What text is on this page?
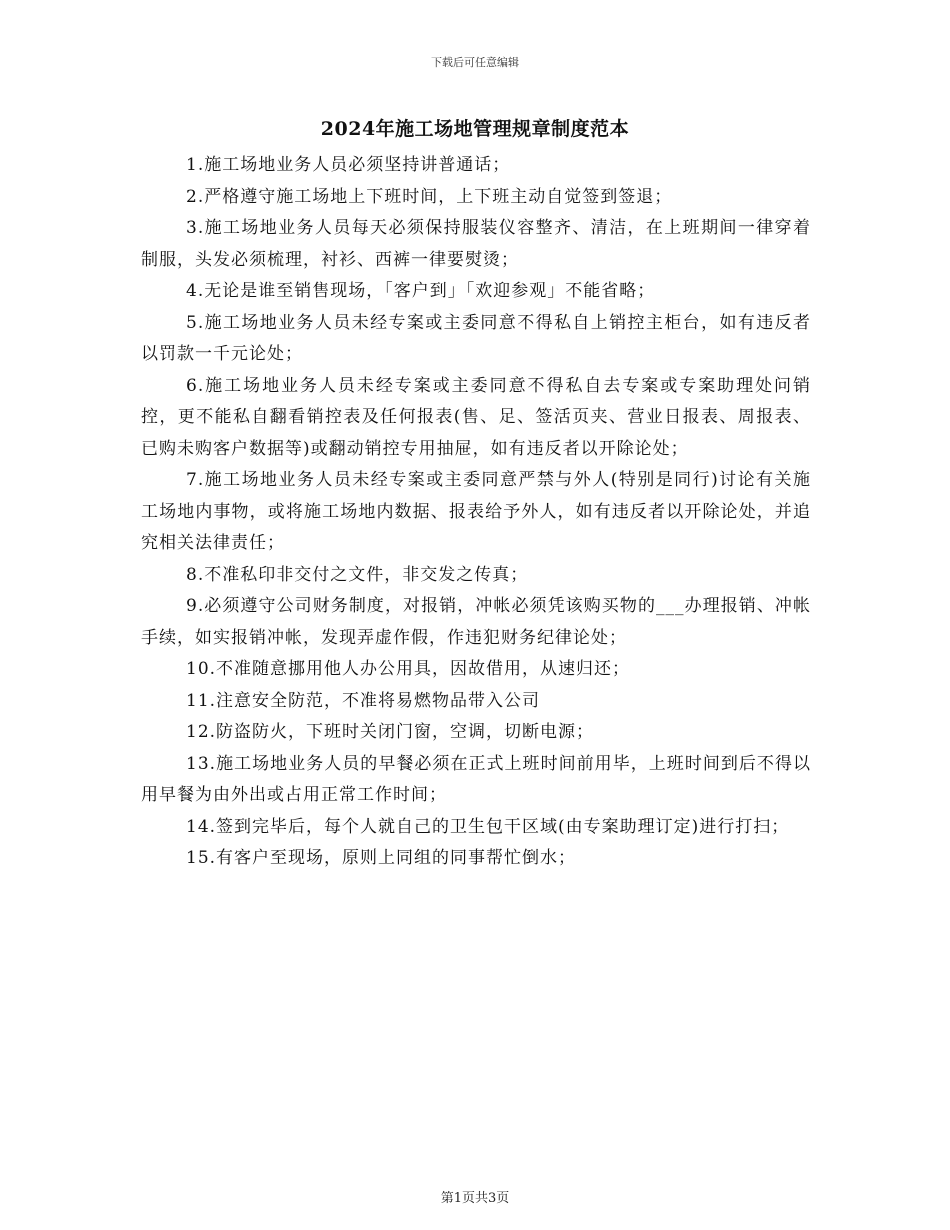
下载后可任意编辑
2024年施工场地管理规章制度范本

1.施工场地业务人员必须坚持讲普通话；

2.严格遵守施工场地上下班时间，上下班主动自觉签到签退；

3.施工场地业务人员每天必须保持服装仪容整齐、清洁，在上班期间一律穿着制服，头发必须梳理，衬衫、西裤一律要熨烫；

4.无论是谁至销售现场，「客户到」「欢迎参观」不能省略；

5.施工场地业务人员未经专案或主委同意不得私自上销控主柜台，如有违反者以罚款一千元论处；

6.施工场地业务人员未经专案或主委同意不得私自去专案或专案助理处问销控，更不能私自翻看销控表及任何报表(售、足、签活页夹、营业日报表、周报表、已购未购客户数据等)或翻动销控专用抽屉，如有违反者以开除论处；

7.施工场地业务人员未经专案或主委同意严禁与外人(特别是同行)讨论有关施工场地内事物，或将施工场地内数据、报表给予外人，如有违反者以开除论处，并追究相关法律责任；

8.不准私印非交付之文件，非交发之传真；

9.必须遵守公司财务制度，对报销，冲帐必须凭该购买物的___办理报销、冲帐手续，如实报销冲帐，发现弄虚作假，作违犯财务纪律论处；

10.不准随意挪用他人办公用具，因故借用，从速归还；

11.注意安全防范，不准将易燃物品带入公司

12.防盗防火，下班时关闭门窗，空调，切断电源；

13.施工场地业务人员的早餐必须在正式上班时间前用毕，上班时间到后不得以用早餐为由外出或占用正常工作时间；

14.签到完毕后，每个人就自己的卫生包干区域(由专案助理订定)进行打扫；

15.有客户至现场，原则上同组的同事帮忙倒水；

第1页共3页
